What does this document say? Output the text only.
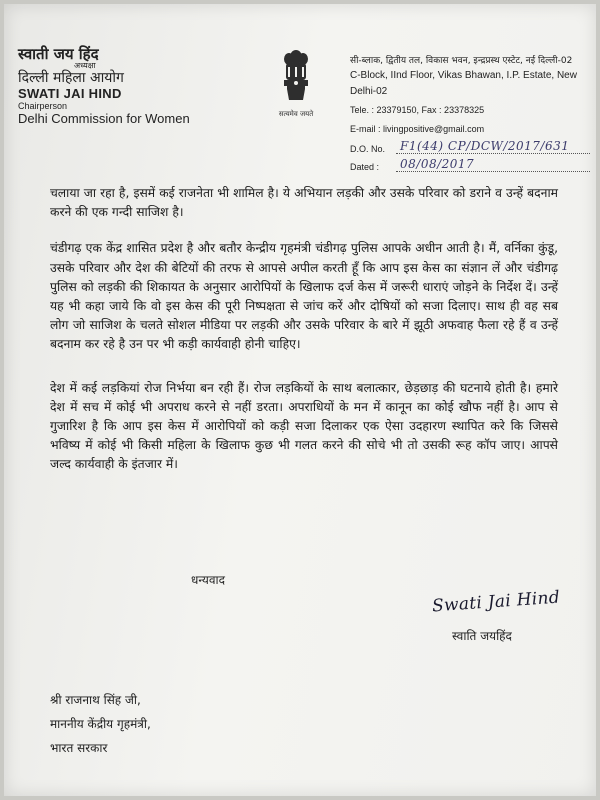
स्वाती जय हिंद
अध्यक्षा
दिल्ली महिला आयोग
SWATI JAI HIND
Chairperson
Delhi Commission for Women	सत्यमेव जयते
सी-ब्लाक, द्वितीय तल, विकास भवन, इन्द्रप्रस्थ एस्टेट, नई दिल्ली-02
C-Block, IInd Floor, Vikas Bhawan, I.P. Estate, New Delhi-02
Tele. : 23379150, Fax : 23378325
E-mail : livingpositive@gmail.com
D.O. No.	F1(44) CP/DCW/2017/631
Dated :	08/08/2017

चलाया जा रहा है, इसमें कई राजनेता भी शामिल है। ये अभियान लड़की और उसके परिवार को डराने व उन्हें बदनाम करने की एक गन्दी साजिश है।

चंडीगढ़ एक केंद्र शासित प्रदेश है और बतौर केन्द्रीय गृहमंत्री चंडीगढ़ पुलिस आपके अधीन आती है। मैं, वर्निका कुंडू, उसके परिवार और देश की बेटियों की तरफ से आपसे अपील करती हूँ कि आप इस केस का संज्ञान लें और चंडीगढ़ पुलिस को लड़की की शिकायत के अनुसार आरोपियों के खिलाफ दर्ज केस में जरूरी धाराएं जोड़ने के निर्देश दें। उन्हें यह भी कहा जाये कि वो इस केस की पूरी निष्पक्षता से जांच करें और दोषियों को सजा दिलाए। साथ ही वह सब लोग जो साजिश के चलते सोशल मीडिया पर लड़की और उसके परिवार के बारे में झूठी अफवाह फैला रहे हैं व उन्हें बदनाम कर रहे है उन पर भी कड़ी कार्यवाही होनी चाहिए।

देश में कई लड़कियां रोज निर्भया बन रही हैं। रोज लड़कियों के साथ बलात्कार, छेड़छाड़ की घटनाये होती है। हमारे देश में सच में कोई भी अपराध करने से नहीं डरता। अपराधियों के मन में कानून का कोई खौफ नहीं है। आप से गुजारिश है कि आप इस केस में आरोपियों को कड़ी सजा दिलाकर एक ऐसा उदहारण स्थापित करे कि जिससे भविष्य में कोई भी किसी महिला के खिलाफ कुछ भी गलत करने की सोचे भी तो उसकी रूह कॉप जाए। आपसे जल्द कार्यवाही के इंतजार में।

धन्यवाद
Swati Jai Hind
स्वाति जयहिंद
श्री राजनाथ सिंह जी,
माननीय केंद्रीय गृहमंत्री,
भारत सरकार
